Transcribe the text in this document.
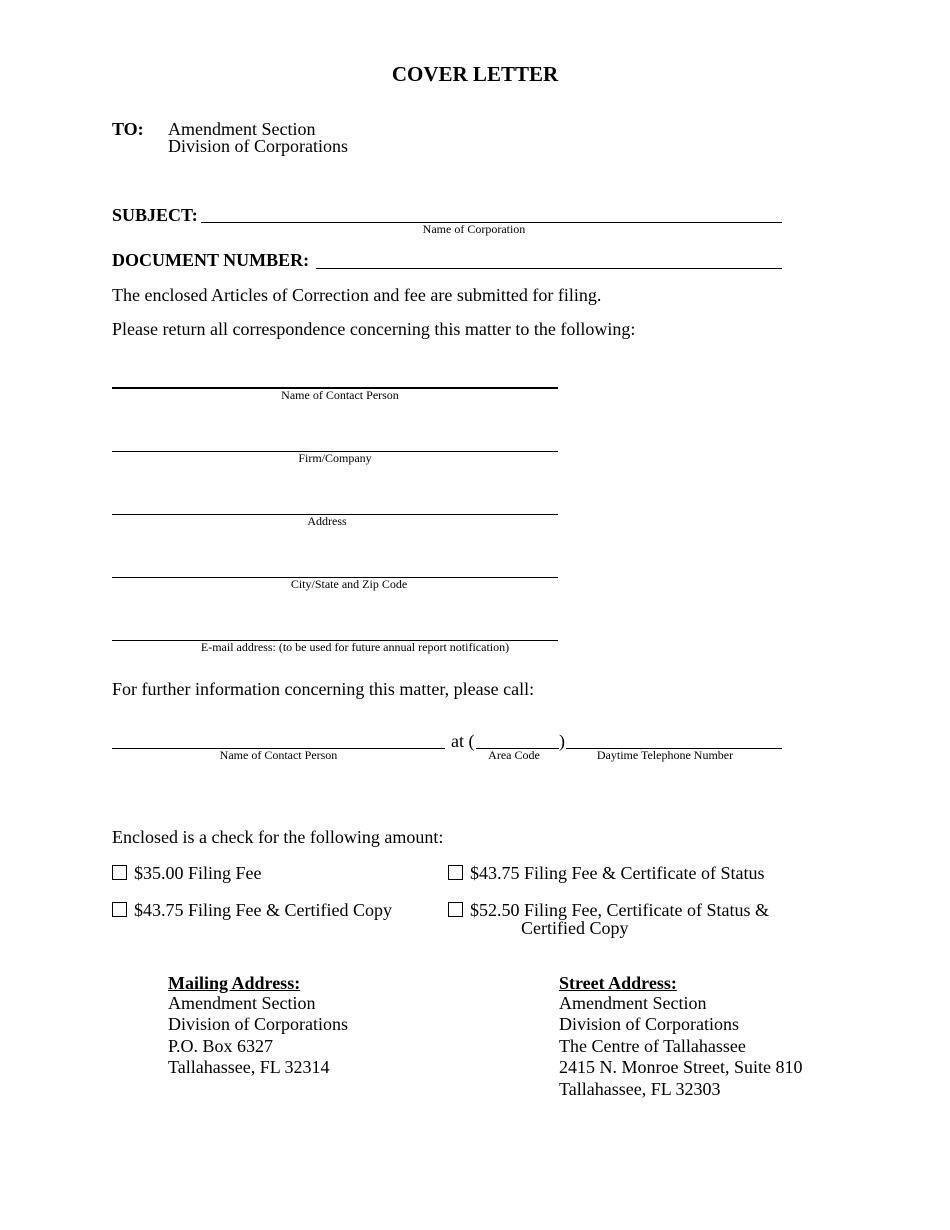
COVER LETTER
TO: Amendment Section
Division of Corporations
SUBJECT:
Name of Corporation
DOCUMENT NUMBER:
The enclosed Articles of Correction and fee are submitted for filing.
Please return all correspondence concerning this matter to the following:
Name of Contact Person
Firm/Company
Address
City/State and Zip Code
E-mail address: (to be used for future annual report notification)
For further information concerning this matter, please call:
Name of Contact Person
at (
Area Code
)
Daytime Telephone Number
Enclosed is a check for the following amount:
$35.00 Filing Fee	$43.75 Filing Fee & Certificate of Status
$43.75 Filing Fee & Certified Copy	$52.50 Filing Fee, Certificate of Status &
Certified Copy
Mailing Address:
Amendment Section
Division of Corporations
P.O. Box 6327
Tallahassee, FL 32314
Street Address:
Amendment Section
Division of Corporations
The Centre of Tallahassee
2415 N. Monroe Street, Suite 810
Tallahassee, FL 32303
